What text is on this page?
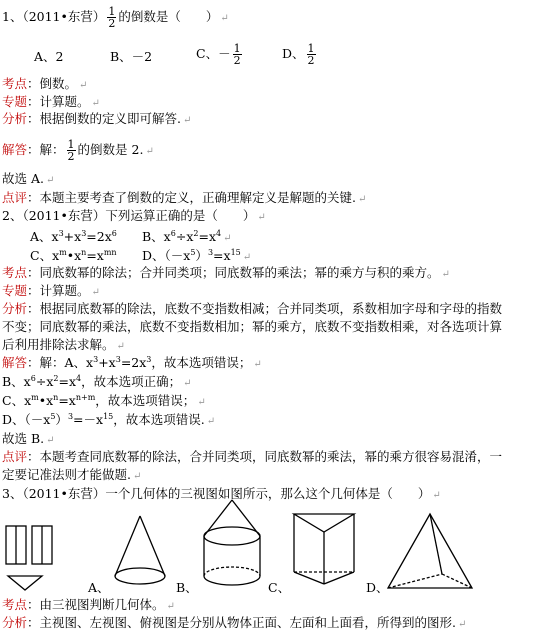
1、（2011•东营） $\frac{1}{2}$ 的倒数是（　　） ↵
A、2	B、－2	C、－ $\frac{1}{2}$	D、 $\frac{1}{2}$
考点：倒数。 ↵
专题：计算题。 ↵
分析：根据倒数的定义即可解答. ↵
解答：解： $\frac{1}{2}$ 的倒数是 2. ↵
故选 A. ↵
点评：本题主要考查了倒数的定义，正确理解定义是解题的关键. ↵
2、（2011•东营）下列运算正确的是（　　） ↵
A、$x^3+x^3=2x^6$ B、$x^6\div x^2=x^4$ ↵
C、$x^m•x^n=x^{mn}$ D、$(-x^5)^3=x^{15}$ ↵
考点：同底数幂的除法；合并同类项；同底数幂的乘法；幂的乘方与积的乘方。 ↵
专题：计算题。 ↵
分析：根据同底数幂的除法，底数不变指数相减；合并同类项，系数相加字母和字母的指数
不变；同底数幂的乘法，底数不变指数相加；幂的乘方，底数不变指数相乘，对各选项计算
后利用排除法求解。 ↵
解答：解：A、$x^3+x^3=2x^3$，故本选项错误； ↵
B、$x^6\div x^2=x^4$，故本选项正确； ↵
C、$x^m•x^n=x^{n+m}$，故本选项错误； ↵
D、$(-x^5)^3=-x^{15}$，故本选项错误. ↵
故选 B. ↵
点评：本题考查同底数幂的除法，合并同类项，同底数幂的乘法，幂的乘方很容易混淆，一
定要记准法则才能做题. ↵
3、（2011•东营）一个几何体的三视图如图所示，那么这个几何体是（　　） ↵
A、	B、	C、	D、
考点：由三视图判断几何体。 ↵
分析：主视图、左视图、俯视图是分别从物体正面、左面和上面看，所得到的图形. ↵
